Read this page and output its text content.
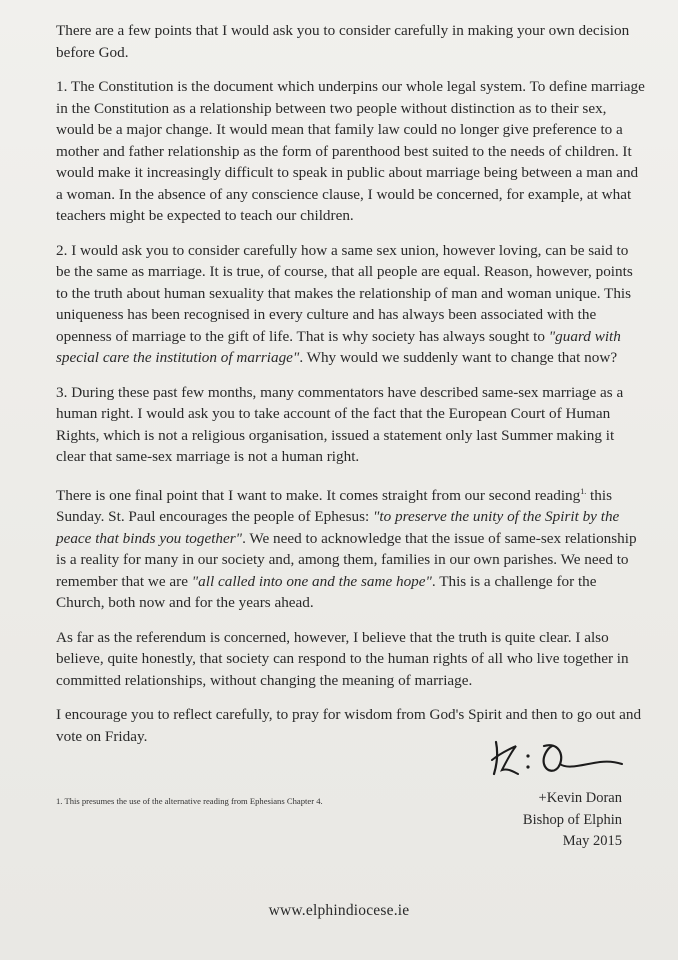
There are a few points that I would ask you to consider carefully in making your own decision before God.

1. The Constitution is the document which underpins our whole legal system. To define marriage in the Constitution as a relationship between two people without distinction as to their sex, would be a major change. It would mean that family law could no longer give preference to a mother and father relationship as the form of parenthood best suited to the needs of children. It would make it increasingly difficult to speak in public about marriage being between a man and a woman. In the absence of any conscience clause, I would be concerned, for example, at what teachers might be expected to teach our children.

2. I would ask you to consider carefully how a same sex union, however loving, can be said to be the same as marriage. It is true, of course, that all people are equal. Reason, however, points to the truth about human sexuality that makes the relationship of man and woman unique. This uniqueness has been recognised in every culture and has always been associated with the openness of marriage to the gift of life. That is why society has always sought to "guard with special care the institution of marriage". Why would we suddenly want to change that now?

3. During these past few months, many commentators have described same-sex marriage as a human right. I would ask you to take account of the fact that the European Court of Human Rights, which is not a religious organisation, issued a statement only last Summer making it clear that same-sex marriage is not a human right.

There is one final point that I want to make. It comes straight from our second reading$^{1.}$ this Sunday. St. Paul encourages the people of Ephesus: "to preserve the unity of the Spirit by the peace that binds you together". We need to acknowledge that the issue of same-sex relationship is a reality for many in our society and, among them, families in our own parishes. We need to remember that we are "all called into one and the same hope". This is a challenge for the Church, both now and for the years ahead.

As far as the referendum is concerned, however, I believe that the truth is quite clear. I also believe, quite honestly, that society can respond to the human rights of all who live together in committed relationships, without changing the meaning of marriage.

I encourage you to reflect carefully, to pray for wisdom from God's Spirit and then to go out and vote on Friday.

1. This presumes the use of the alternative reading from Ephesians Chapter 4.	+Kevin Doran
Bishop of Elphin
May 2015
www.elphindiocese.ie
